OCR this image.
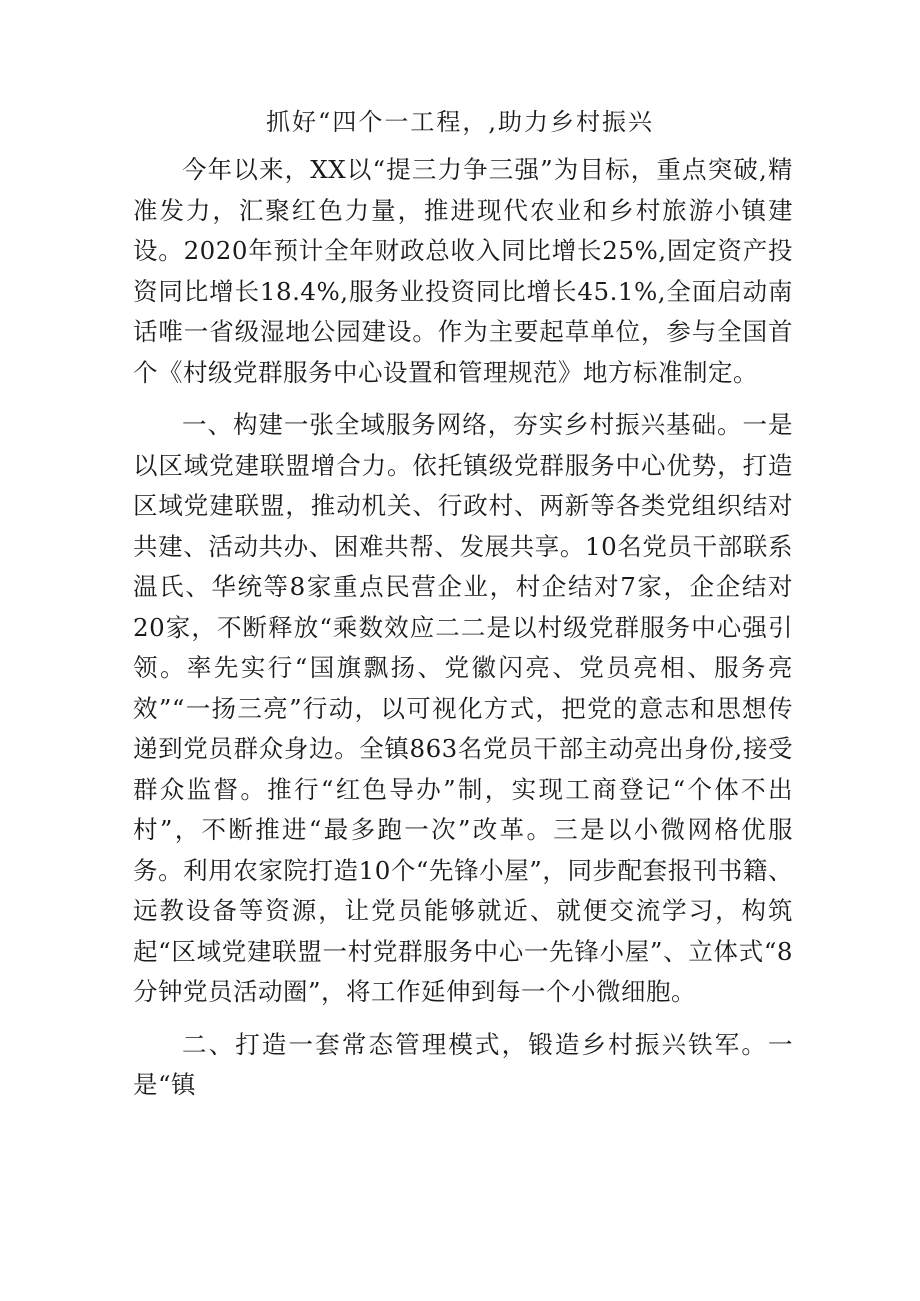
抓好“四个一工程，,助力乡村振兴

今年以来，XX以“提三力争三强”为目标，重点突破,精准发力，汇聚红色力量，推进现代农业和乡村旅游小镇建设。2020年预计全年财政总收入同比增长25%,固定资产投资同比增长18.4%,服务业投资同比增长45.1%,全面启动南话唯一省级湿地公园建设。作为主要起草单位，参与全国首个《村级党群服务中心设置和管理规范》地方标准制定。

一、构建一张全域服务网络，夯实乡村振兴基础。一是以区域党建联盟增合力。依托镇级党群服务中心优势，打造区域党建联盟，推动机关、行政村、两新等各类党组织结对共建、活动共办、困难共帮、发展共享。10名党员干部联系温氏、华统等8家重点民营企业，村企结对7家，企企结对20家，不断释放“乘数效应二二是以村级党群服务中心强引领。率先实行“国旗飘扬、党徽闪亮、党员亮相、服务亮效”“一扬三亮”行动，以可视化方式，把党的意志和思想传递到党员群众身边。全镇863名党员干部主动亮出身份,接受群众监督。推行“红色导办”制，实现工商登记“个体不出村”，不断推进“最多跑一次”改革。三是以小微网格优服务。利用农家院打造10个“先锋小屋”，同步配套报刊书籍、远教设备等资源，让党员能够就近、就便交流学习，构筑起“区域党建联盟一村党群服务中心一先锋小屋”、立体式“8分钟党员活动圈”，将工作延伸到每一个小微细胞。

二、打造一套常态管理模式，锻造乡村振兴铁军。一是“镇
